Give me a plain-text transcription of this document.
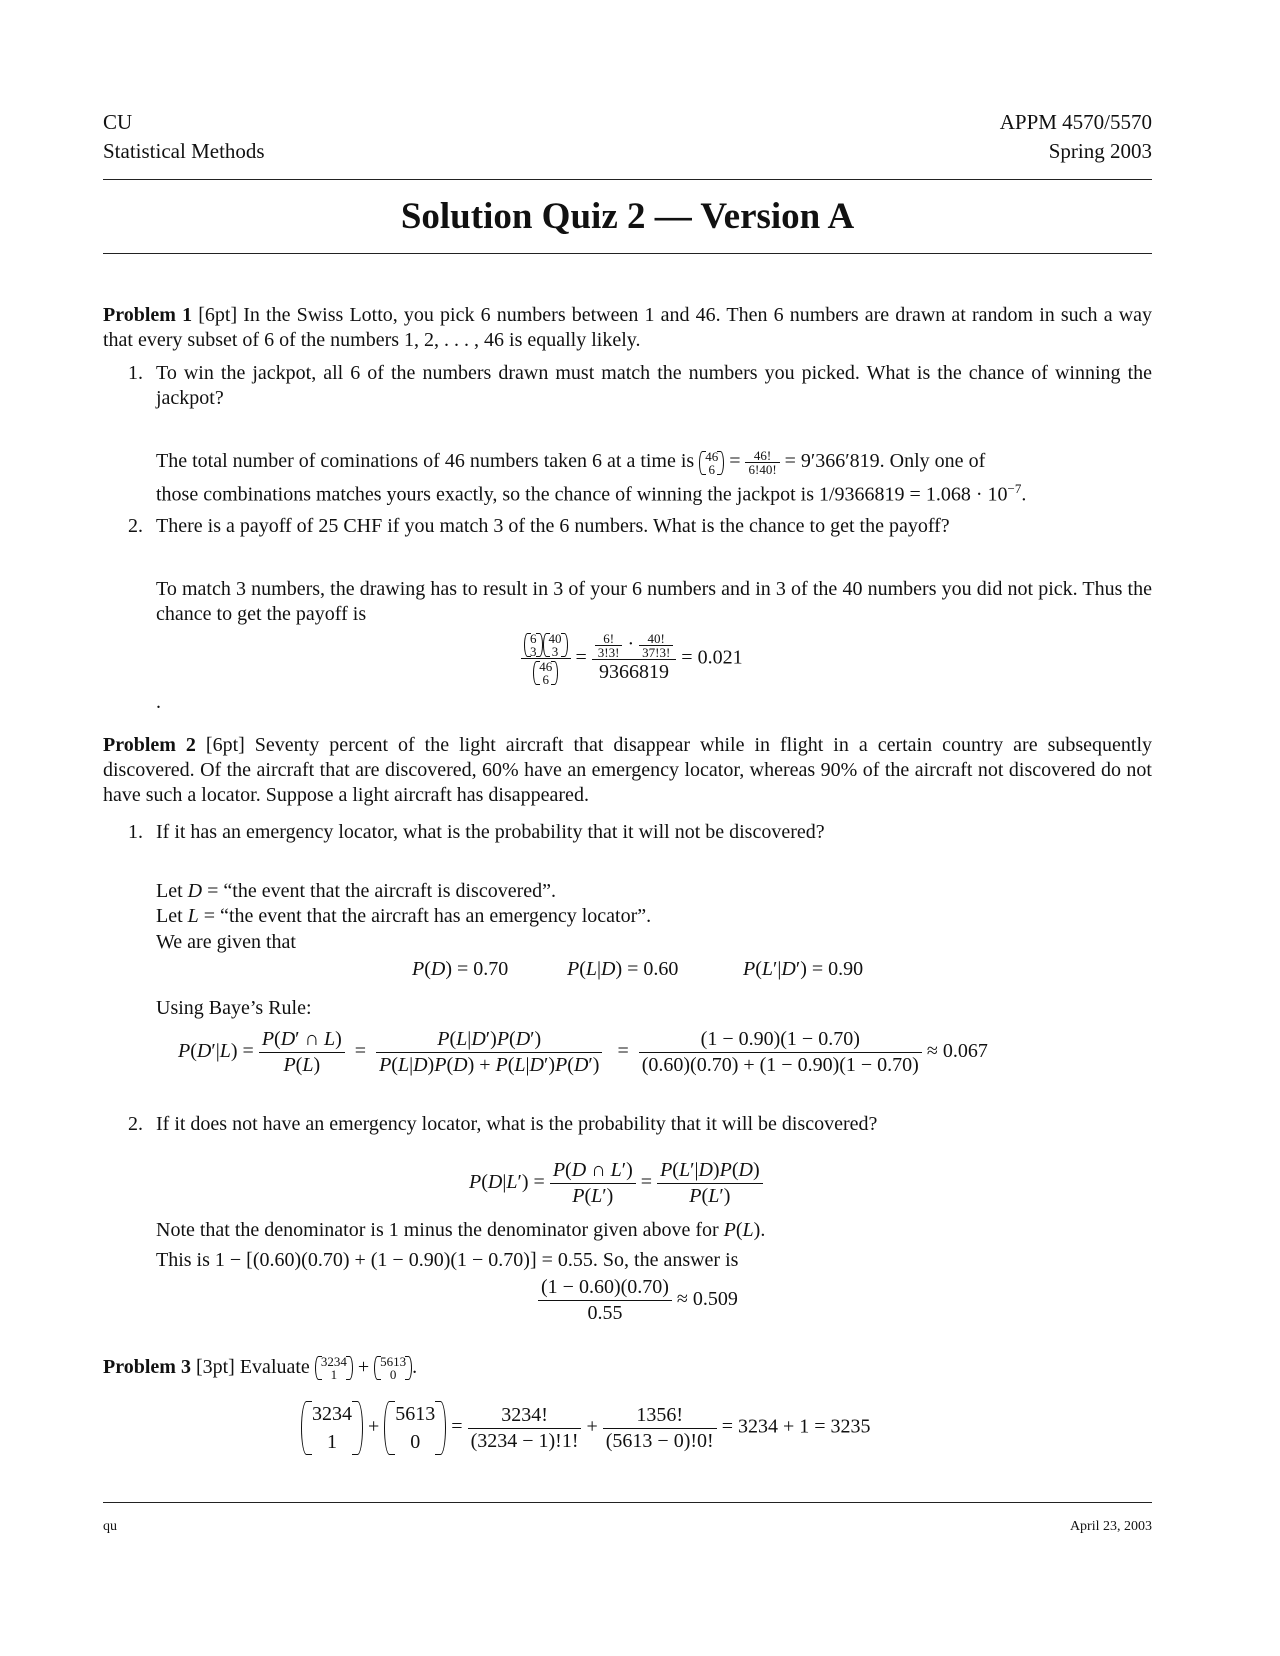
CU
Statistical Methods
APPM 4570/5570
Spring 2003
Solution Quiz 2 — Version A
Problem 1 [6pt] In the Swiss Lotto, you pick 6 numbers between 1 and 46. Then 6 numbers are drawn at random in such a way that every subset of 6 of the numbers 1, 2, . . . , 46 is equally likely.
1. To win the jackpot, all 6 of the numbers drawn must match the numbers you picked. What is the chance of winning the jackpot?
The total number of cominations of 46 numbers taken 6 at a time is 46
$6 = \frac{46!}{6!40!} = 9'366'819$. Only one of
those combinations matches yours exactly, so the chance of winning the jackpot is $1/9366819 = 1.068 \cdot 10^{-7}$.
2. There is a payoff of 25 CHF if you match 3 of the 6 numbers. What is the chance to get the payoff?
To match 3 numbers, the drawing has to result in 3 of your 6 numbers and in 3 of the 40 numbers you did not pick. Thus the chance to get the payoff is
6
3
40
3
46
$6 = \frac{\frac{6!}{3!3!} \cdot \frac{40!}{37!3!}}{9366819} = 0.021$
.
Problem 2 [6pt] Seventy percent of the light aircraft that disappear while in flight in a certain country are subsequently discovered. Of the aircraft that are discovered, 60% have an emergency locator, whereas 90% of the aircraft not discovered do not have such a locator. Suppose a light aircraft has disappeared.
1. If it has an emergency locator, what is the probability that it will not be discovered?
Let D = “the event that the aircraft is discovered”.
Let L = “the event that the aircraft has an emergency locator”.
We are given that
P(D) = 0.70	P(L|D) = 0.60	P(L′|D′) = 0.90
Using Baye’s Rule:
$P(D'|L) = \frac{P(D' \cap L)}{P(L)} = \frac{P(L|D')P(D')}{P(L|D)P(D) + P(L|D')P(D')} = \frac{(1 - 0.90)(1 - 0.70)}{(0.60)(0.70) + (1 - 0.90)(1 - 0.70)} \approx 0.067$
2. If it does not have an emergency locator, what is the probability that it will be discovered?
$P(D|L') = \frac{P(D \cap L')}{P(L')} = \frac{P(L'|D)P(D)}{P(L')}$
Note that the denominator is 1 minus the denominator given above for P(L).
This is 1 − [(0.60)(0.70) + (1 − 0.90)(1 − 0.70)] = 0.55. So, the answer is
$\frac{(1 - 0.60)(0.70)}{0.55} \approx 0.509$
Problem 3 [3pt] Evaluate 3234
1 + 5613
0 .
3234
1
+
5613
0
= $\frac{3234!}{(3234 - 1)!1!} + \frac{1356!}{(5613 - 0)!0!} = 3234 + 1 = 3235$
qu	April 23, 2003
